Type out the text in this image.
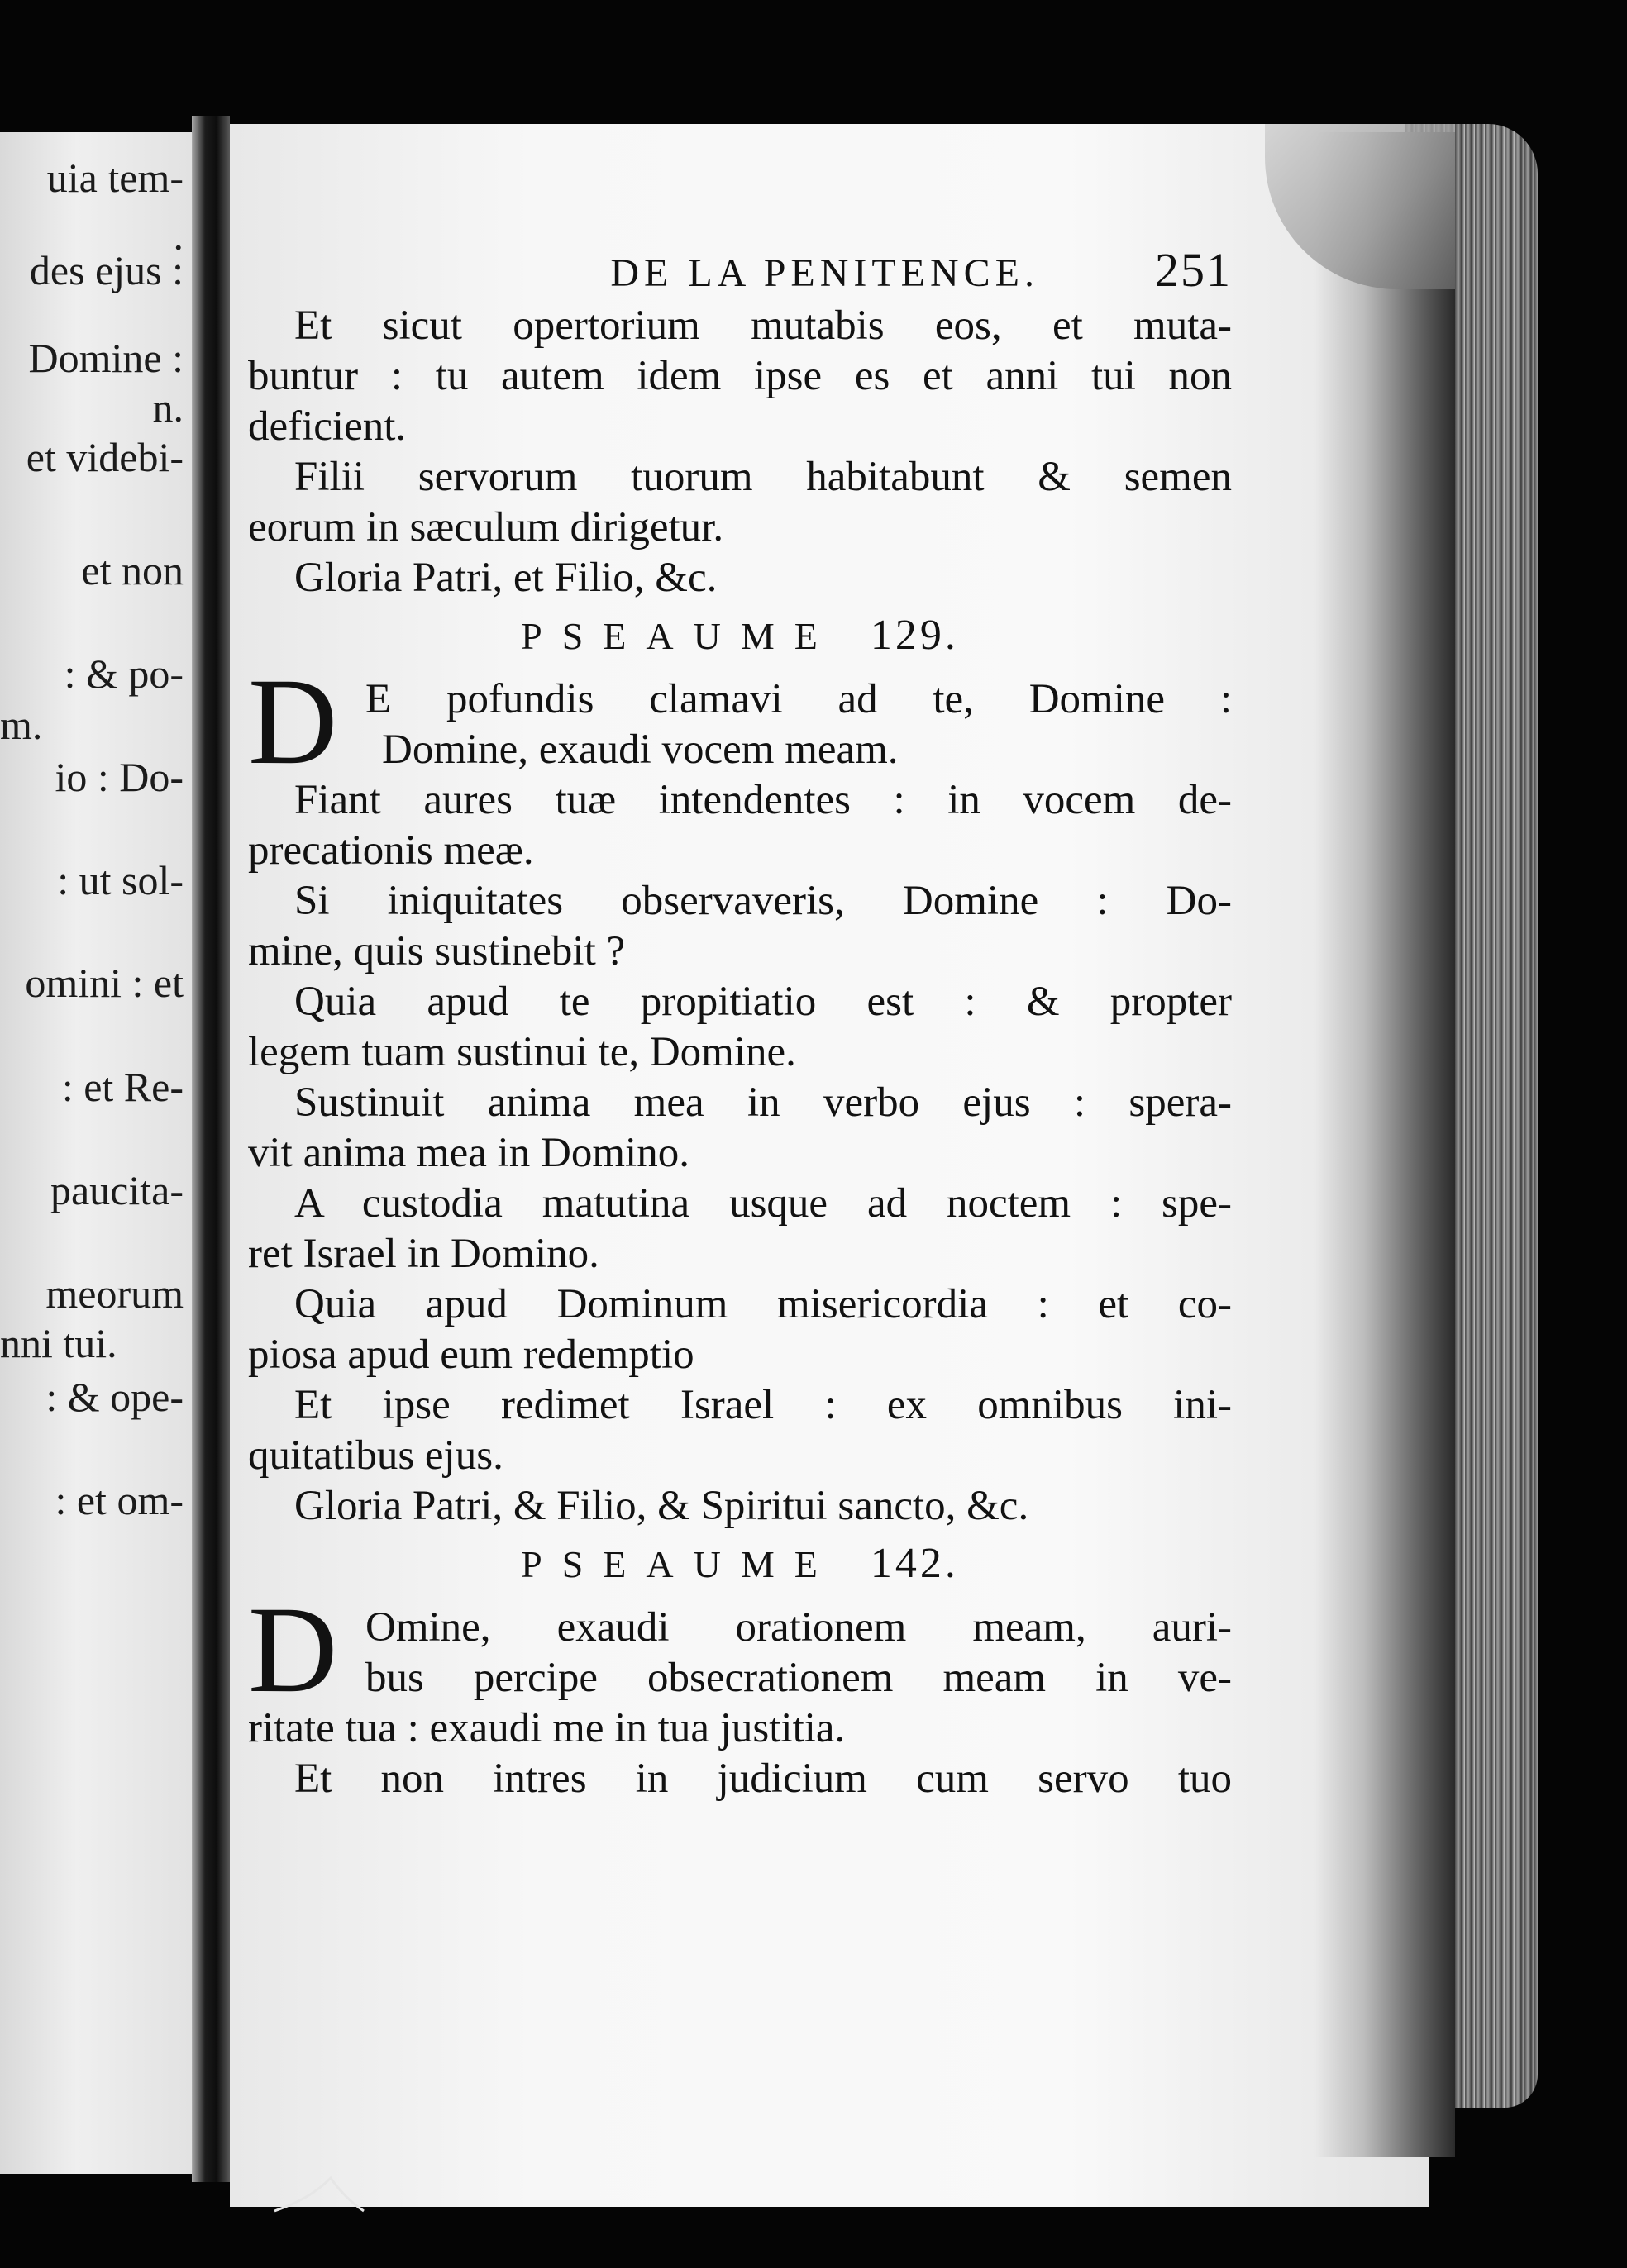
uia tem-
.
des ejus :
Domine :
n.
et videbi-
et non
: & po-
m.
io : Do-
: ut sol-
omini : et
: et Re-
paucita-
meorum
nni tui.
: & ope-
: et om-
DE LA PENITENCE. 251
Et sicut opertorium mutabis eos, et muta-
buntur : tu autem idem ipse es et anni tui non
deficient.
Filii servorum tuorum habitabunt & semen
eorum in sæculum dirigetur.
Gloria Patri, et Filio, &c.
PSEAUME 129.
D E pofundis clamavi ad te, Domine :
Domine, exaudi vocem meam.
Fiant aures tuæ intendentes : in vocem de-
precationis meæ.
Si iniquitates observaveris, Domine : Do-
mine, quis sustinebit ?
Quia apud te propitiatio est : & propter
legem tuam sustinui te, Domine.
Sustinuit anima mea in verbo ejus : spera-
vit anima mea in Domino.
A custodia matutina usque ad noctem : spe-
ret Israel in Domino.
Quia apud Dominum misericordia : et co-
piosa apud eum redemptio
Et ipse redimet Israel : ex omnibus ini-
quitatibus ejus.
Gloria Patri, & Filio, & Spiritui sancto, &c.
PSEAUME 142.
D Omine, exaudi orationem meam, auri-
bus percipe obsecrationem meam in ve-
ritate tua : exaudi me in tua justitia.
Et non intres in judicium cum servo tuo
